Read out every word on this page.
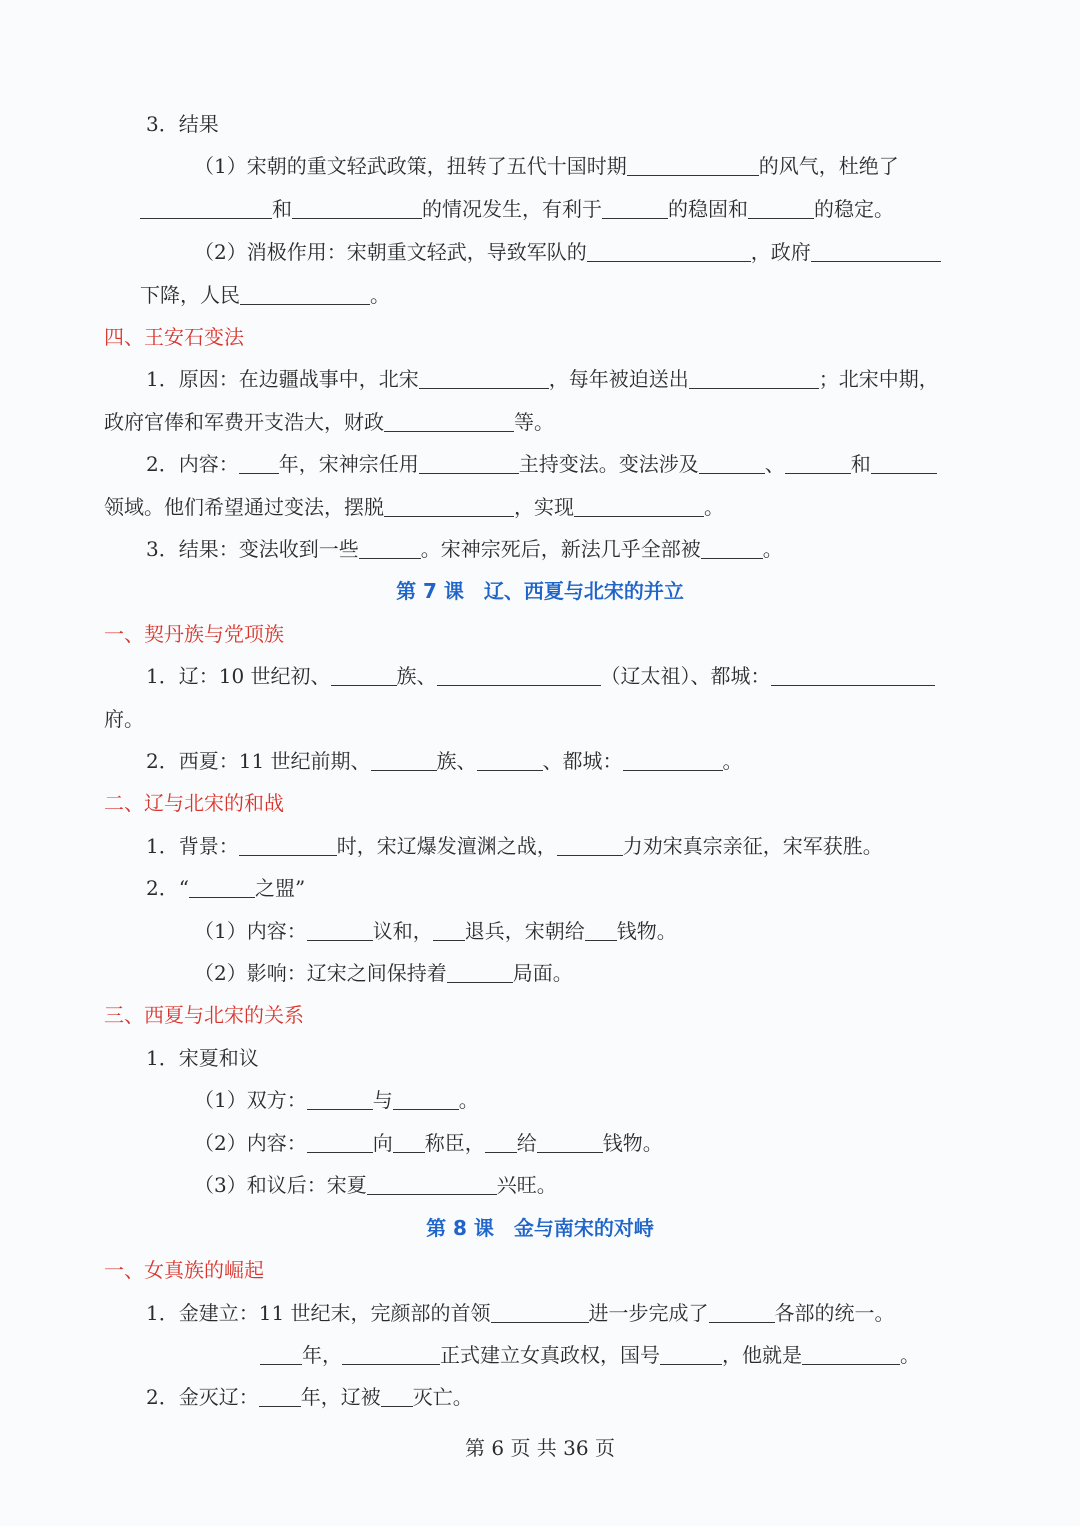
3．结果
（1）宋朝的重文轻武政策，扭转了五代十国时期	的风气，杜绝了
和	的情况发生，有利于	的稳固和	的稳定。
（2）消极作用：宋朝重文轻武，导致军队的	，政府
下降，人民	。
四、王安石变法
1．原因：在边疆战事中，北宋	，每年被迫送出	；北宋中期，
政府官俸和军费开支浩大，财政	等。
2．内容： 年，宋神宗任用	主持变法。变法涉及	、	和
领域。他们希望通过变法，摆脱	，实现	。
3．结果：变法收到一些	。宋神宗死后，新法几乎全部被	。
第 7 课　辽、西夏与北宋的并立
一、契丹族与党项族
1．辽：10 世纪初、	族、	（辽太祖）、都城：
府。
2．西夏：11 世纪前期、	族、	、都城：	。
二、辽与北宋的和战
1．背景：	时，宋辽爆发澶渊之战，	力劝宋真宗亲征，宋军获胜。
2．“	之盟”
（1）内容：	议和， 退兵，宋朝给 钱物。
（2）影响：辽宋之间保持着	局面。
三、西夏与北宋的关系
1．宋夏和议
（1）双方：	与	。
（2）内容：	向 称臣， 给	钱物。
（3）和议后：宋夏	兴旺。
第 8 课　金与南宋的对峙
一、女真族的崛起
1．金建立：11 世纪末，完颜部的首领	进一步完成了	各部的统一。
年，	正式建立女真政权，国号	，他就是	。
2．金灭辽： 年，辽被 灭亡。
第 6 页 共 36 页
